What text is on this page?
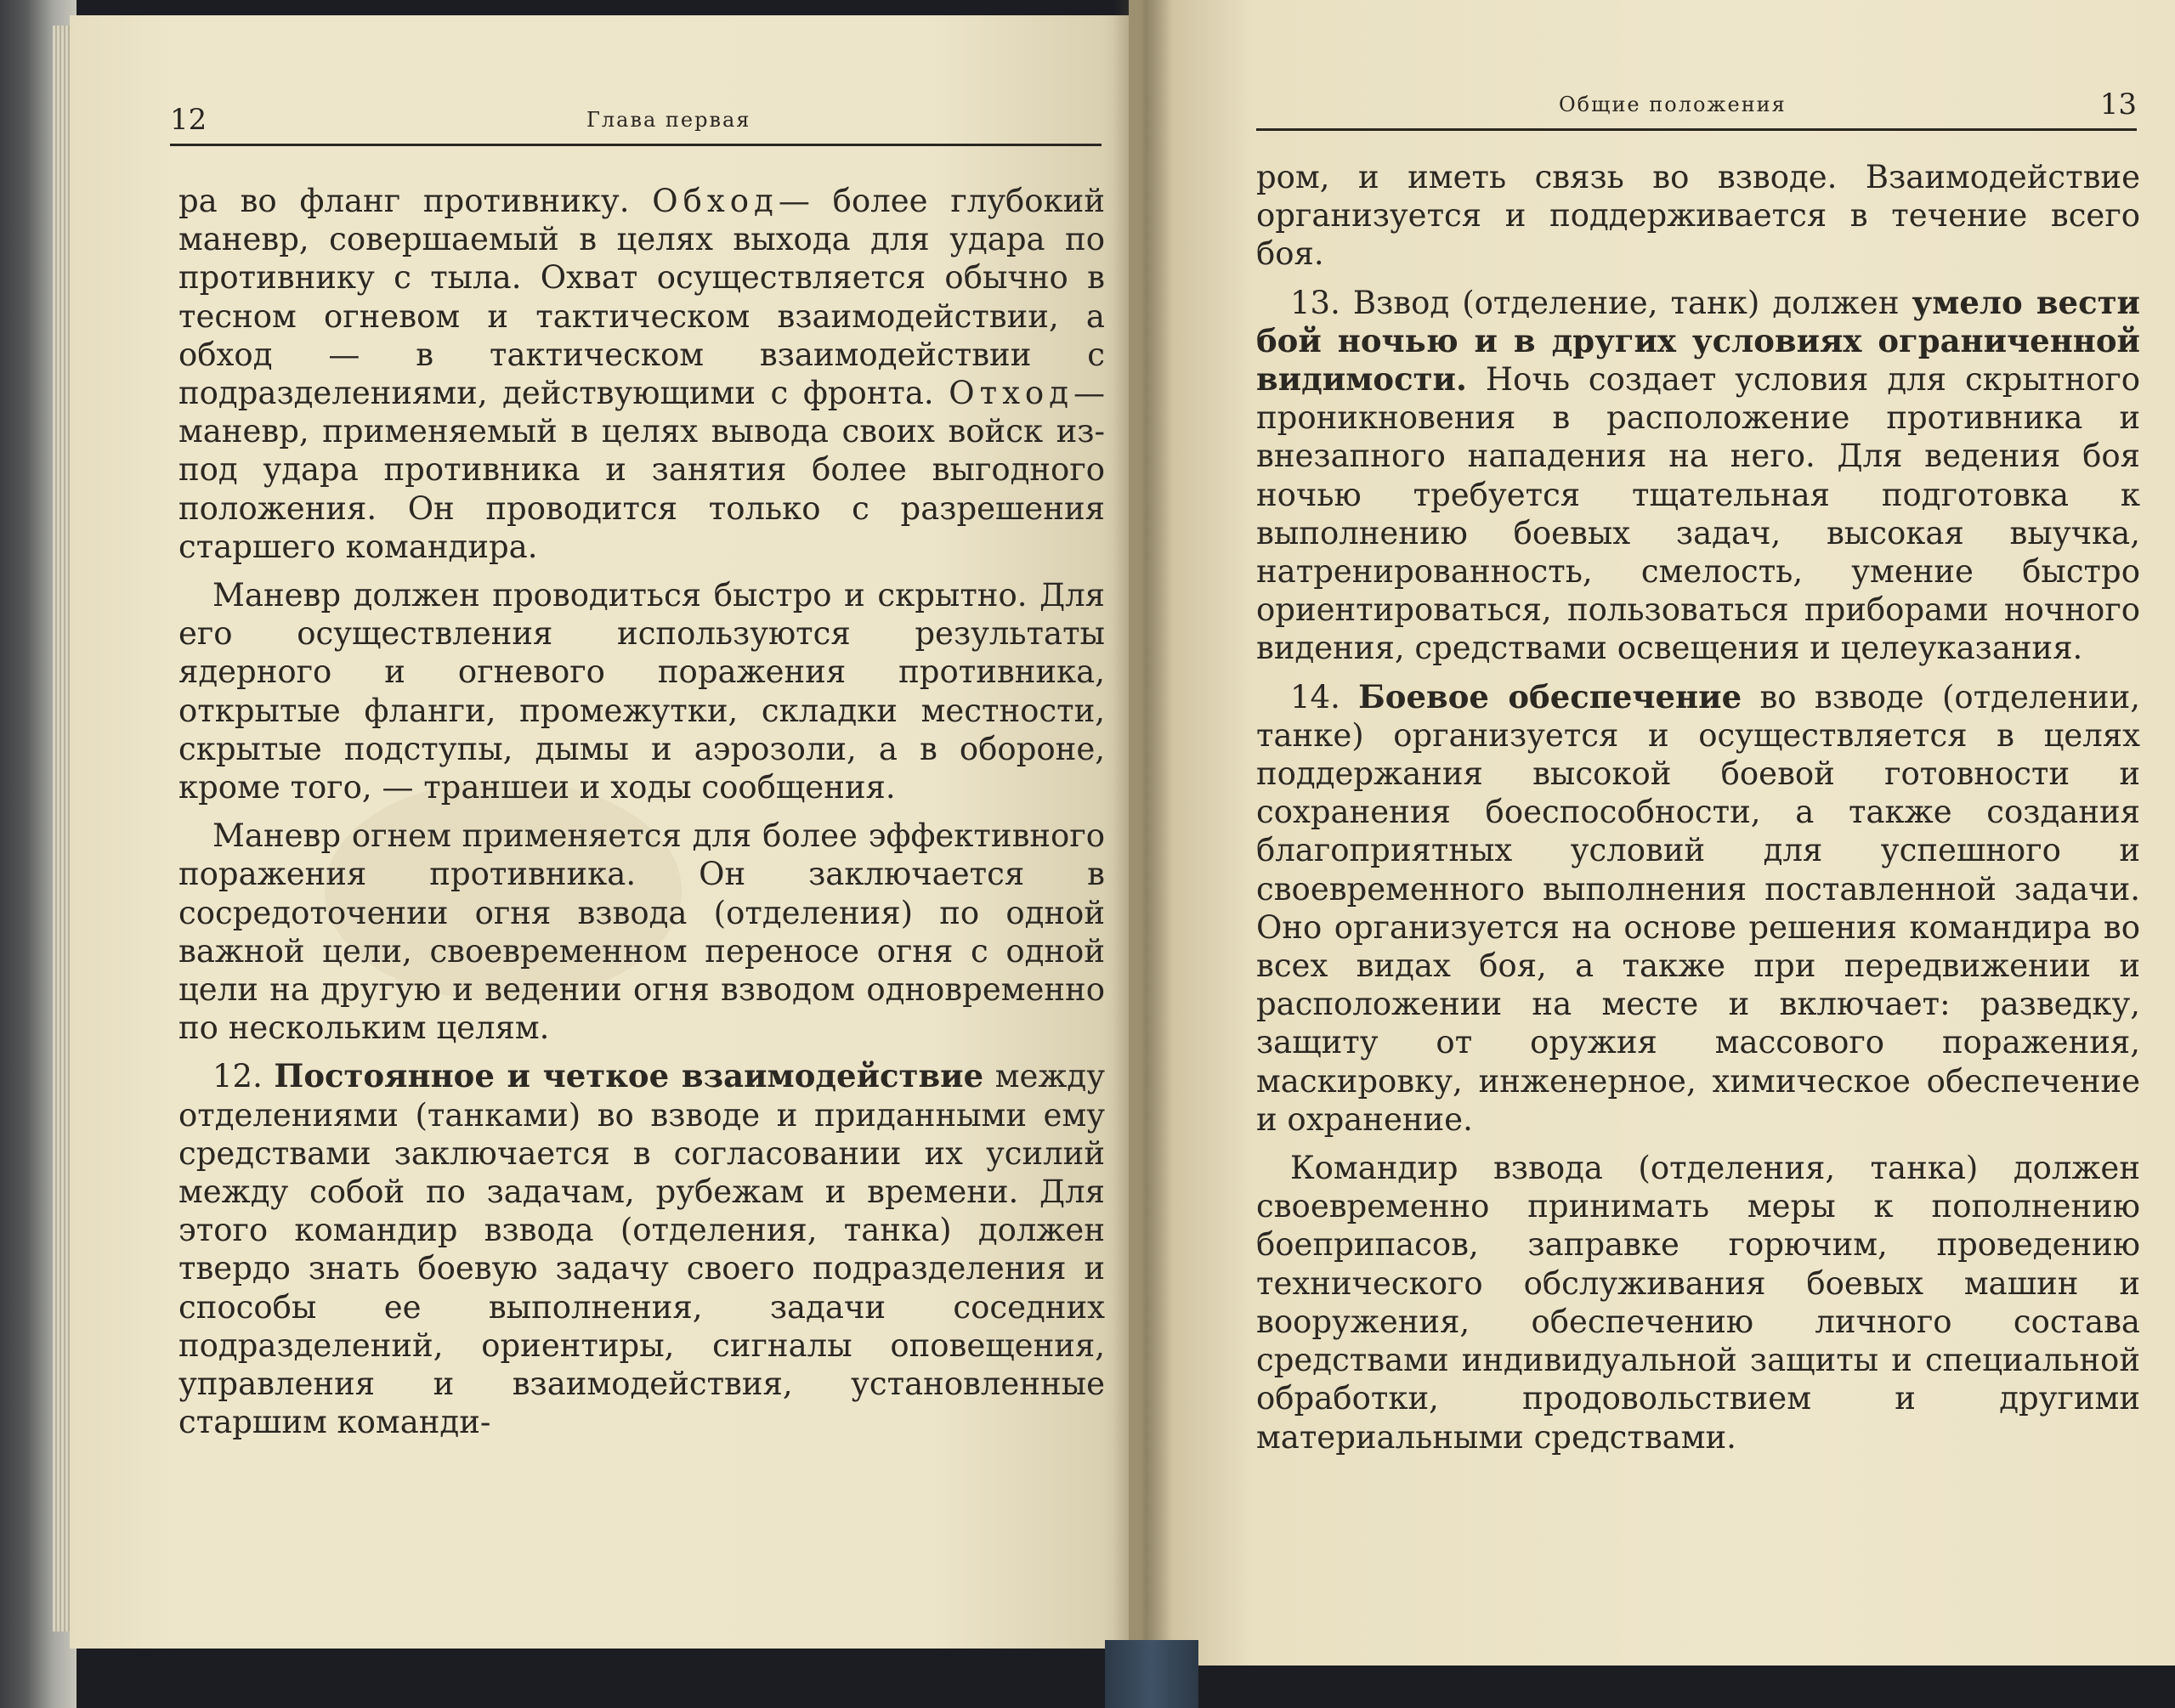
12	Глава первая

ра во фланг противнику. Обход— более глубокий маневр, совершаемый в целях выхода для удара по противнику с тыла. Охват осуществляется обычно в тесном огневом и тактическом взаимодействии, а обход — в тактическом взаимодействии с подразделениями, действующими с фронта. Отход— маневр, применяемый в целях вывода своих войск из-под удара противника и занятия более выгодного положения. Он проводится только с разрешения старшего командира.

Маневр должен проводиться быстро и скрытно. Для его осуществления используются результаты ядерного и огневого поражения противника, открытые фланги, промежутки, складки местности, скрытые подступы, дымы и аэрозоли, а в обороне, кроме того, — траншеи и ходы сообщения.

Маневр огнем применяется для более эффективного поражения противника. Он заключается в сосредоточении огня взвода (отделения) по одной важной цели, своевременном переносе огня с одной цели на другую и ведении огня взводом одновременно по нескольким целям.

12. Постоянное и четкое взаимодействие между отделениями (танками) во взводе и приданными ему средствами заключается в согласовании их усилий между собой по задачам, рубежам и времени. Для этого командир взвода (отделения, танка) должен твердо знать боевую задачу своего подразделения и способы ее выполнения, задачи соседних подразделений, ориентиры, сигналы оповещения, управления и взаимодействия, установленные старшим команди-

Общие положения	13

ром, и иметь связь во взводе. Взаимодействие организуется и поддерживается в течение всего боя.

13. Взвод (отделение, танк) должен умело вести бой ночью и в других условиях ограниченной видимости. Ночь создает условия для скрытного проникновения в расположение противника и внезапного нападения на него. Для ведения боя ночью требуется тщательная подготовка к выполнению боевых задач, высокая выучка, натренированность, смелость, умение быстро ориентироваться, пользоваться приборами ночного видения, средствами освещения и целеуказания.

14. Боевое обеспечение во взводе (отделении, танке) организуется и осуществляется в целях поддержания высокой боевой готовности и сохранения боеспособности, а также создания благоприятных условий для успешного и своевременного выполнения поставленной задачи. Оно организуется на основе решения командира во всех видах боя, а также при передвижении и расположении на месте и включает: разведку, защиту от оружия массового поражения, маскировку, инженерное, химическое обеспечение и охранение.

Командир взвода (отделения, танка) должен своевременно принимать меры к пополнению боеприпасов, заправке горючим, проведению технического обслуживания боевых машин и вооружения, обеспечению личного состава средствами индивидуальной защиты и специальной обработки, продовольствием и другими материальными средствами.
